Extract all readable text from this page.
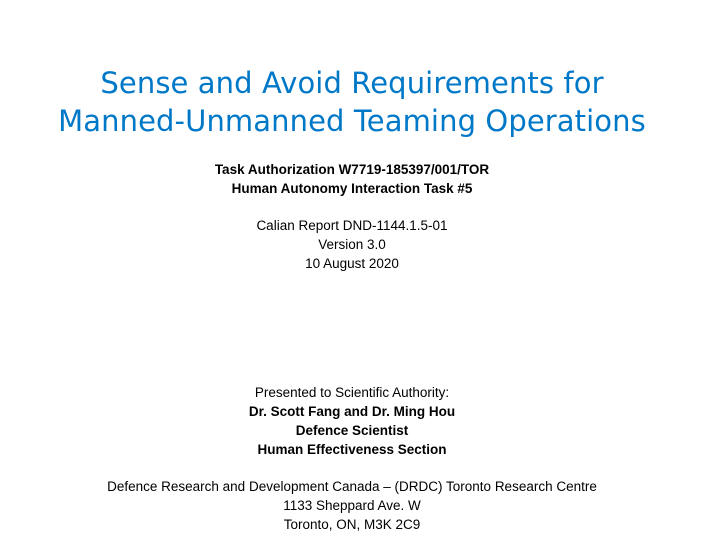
Sense and Avoid Requirements for
Manned-Unmanned Teaming Operations
Task Authorization W7719-185397/001/TOR
Human Autonomy Interaction Task #5
Calian Report DND-1144.1.5-01
Version 3.0
10 August 2020
Presented to Scientific Authority:
Dr. Scott Fang and Dr. Ming Hou
Defence Scientist
Human Effectiveness Section
Defence Research and Development Canada – (DRDC) Toronto Research Centre
1133 Sheppard Ave. W
Toronto, ON, M3K 2C9
